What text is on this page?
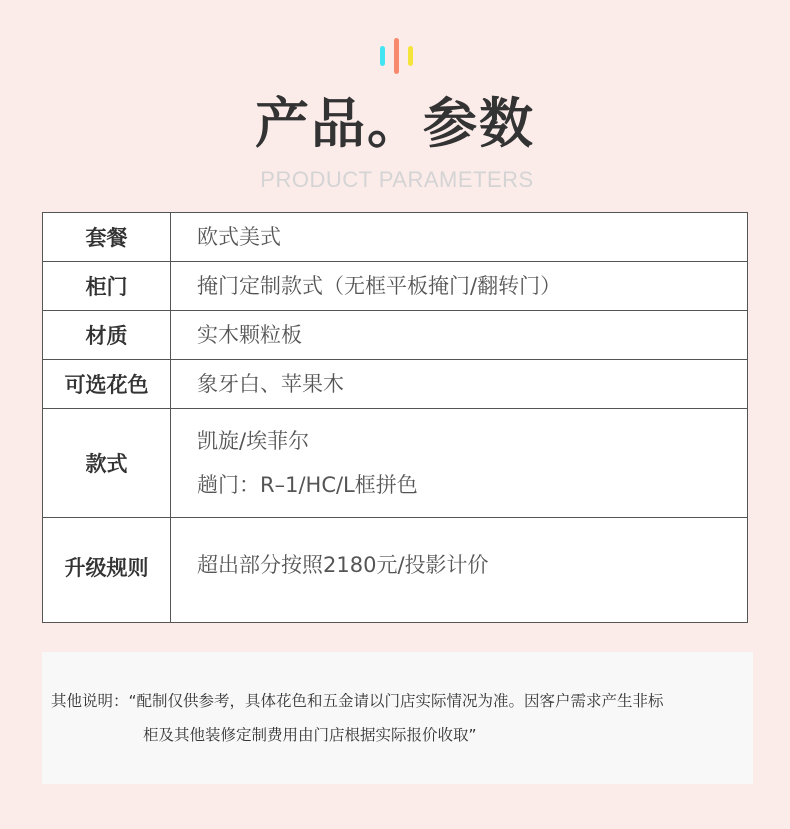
产品。参数
PRODUCT PARAMETERS
套餐	欧式美式

柜门	掩门定制款式（无框平板掩门/翻转门）

材质	实木颗粒板

可选花色	象牙白、苹果木

款式	凯旋/埃菲尔
趟门：R–1/HC/L框拼色

升级规则	超出部分按照2180元/投影计价
其他说明：“配制仅供参考，具体花色和五金请以门店实际情况为准。因客户需求产生非标
柜及其他装修定制费用由门店根据实际报价收取”
